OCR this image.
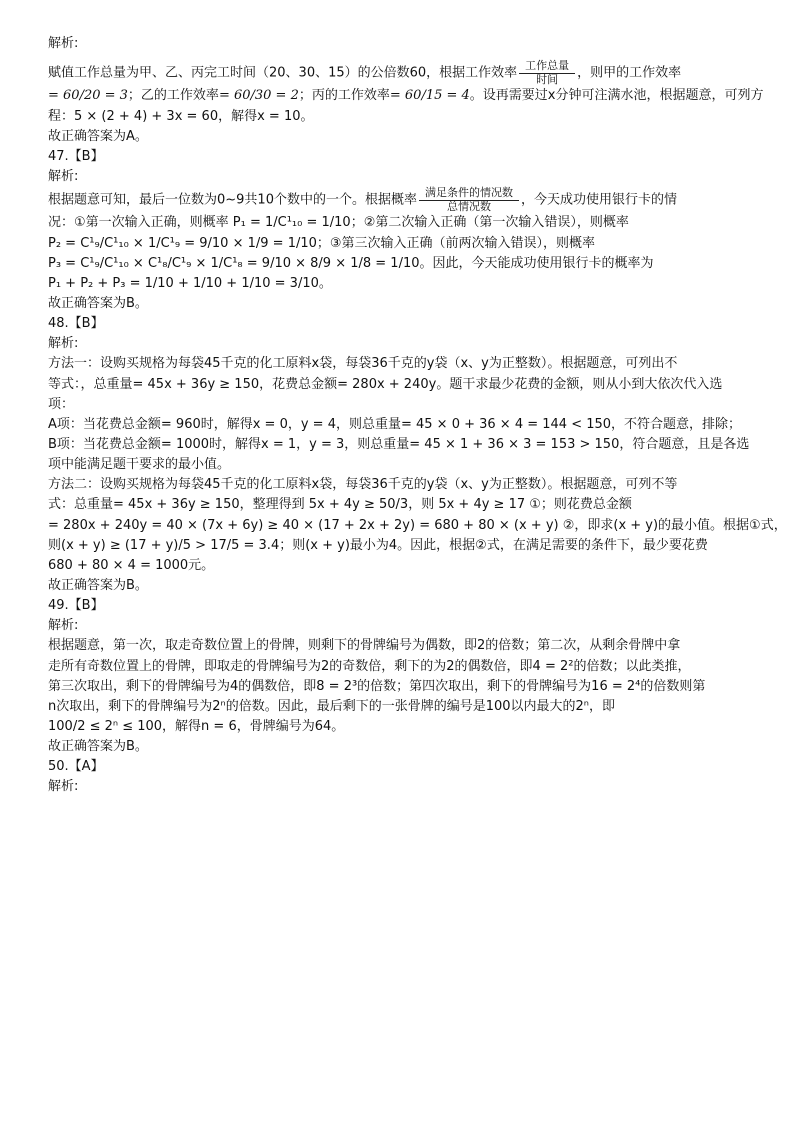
解析:

赋值工作总量为甲、乙、丙完工时间（20、30、15）的公倍数60，根据工作效率 $\frac{\text{工作总量}}{\text{时间}}$ ，则甲的工作效率

= 60/20 = 3；乙的工作效率= 60/30 = 2；丙的工作效率= 60/15 = 4。设再需要过x分钟可注满水池，根据题意，可列方

程：5 × (2 + 4) + 3x = 60，解得x = 10。

故正确答案为A。

47.【B】

解析:

根据题意可知，最后一位数为0~9共10个数中的一个。根据概率 $\frac{\text{满足条件的情况数}}{\text{总情况数}}$ ，今天成功使用银行卡的情

况：①第一次输入正确，则概率 P₁ = 1/C¹₁₀ = 1/10；②第二次输入正确（第一次输入错误），则概率

P₂ = C¹₉/C¹₁₀ × 1/C¹₉ = 9/10 × 1/9 = 1/10；③第三次输入正确（前两次输入错误），则概率

P₃ = C¹₉/C¹₁₀ × C¹₈/C¹₉ × 1/C¹₈ = 9/10 × 8/9 × 1/8 = 1/10。因此，今天能成功使用银行卡的概率为

P₁ + P₂ + P₃ = 1/10 + 1/10 + 1/10 = 3/10。

故正确答案为B。

48.【B】

解析:

方法一：设购买规格为每袋45千克的化工原料x袋，每袋36千克的y袋（x、y为正整数）。根据题意，可列出不

等式：，总重量= 45x + 36y ≥ 150，花费总金额= 280x + 240y。题干求最少花费的金额，则从小到大依次代入选

项：

A项：当花费总金额= 960时，解得x = 0，y = 4，则总重量= 45 × 0 + 36 × 4 = 144 < 150，不符合题意，排除；

B项：当花费总金额= 1000时，解得x = 1，y = 3，则总重量= 45 × 1 + 36 × 3 = 153 > 150，符合题意，且是各选

项中能满足题干要求的最小值。

方法二：设购买规格为每袋45千克的化工原料x袋，每袋36千克的y袋（x、y为正整数）。根据题意，可列不等

式：总重量= 45x + 36y ≥ 150，整理得到 5x + 4y ≥ 50/3，则 5x + 4y ≥ 17 ①；则花费总金额

= 280x + 240y = 40 × (7x + 6y) ≥ 40 × (17 + 2x + 2y) = 680 + 80 × (x + y) ②，即求(x + y)的最小值。根据①式，

则(x + y) ≥ (17 + y)/5 > 17/5 = 3.4；则(x + y)最小为4。因此，根据②式，在满足需要的条件下，最少要花费

680 + 80 × 4 = 1000元。

故正确答案为B。

49.【B】

解析:

根据题意，第一次，取走奇数位置上的骨牌，则剩下的骨牌编号为偶数，即2的倍数；第二次，从剩余骨牌中拿

走所有奇数位置上的骨牌，即取走的骨牌编号为2的奇数倍，剩下的为2的偶数倍，即4 = 2²的倍数；以此类推，

第三次取出，剩下的骨牌编号为4的偶数倍，即8 = 2³的倍数；第四次取出，剩下的骨牌编号为16 = 2⁴的倍数则第

n次取出，剩下的骨牌编号为2ⁿ的倍数。因此，最后剩下的一张骨牌的编号是100以内最大的2ⁿ，即

100/2 ≤ 2ⁿ ≤ 100，解得n = 6，骨牌编号为64。

故正确答案为B。

50.【A】

解析:
